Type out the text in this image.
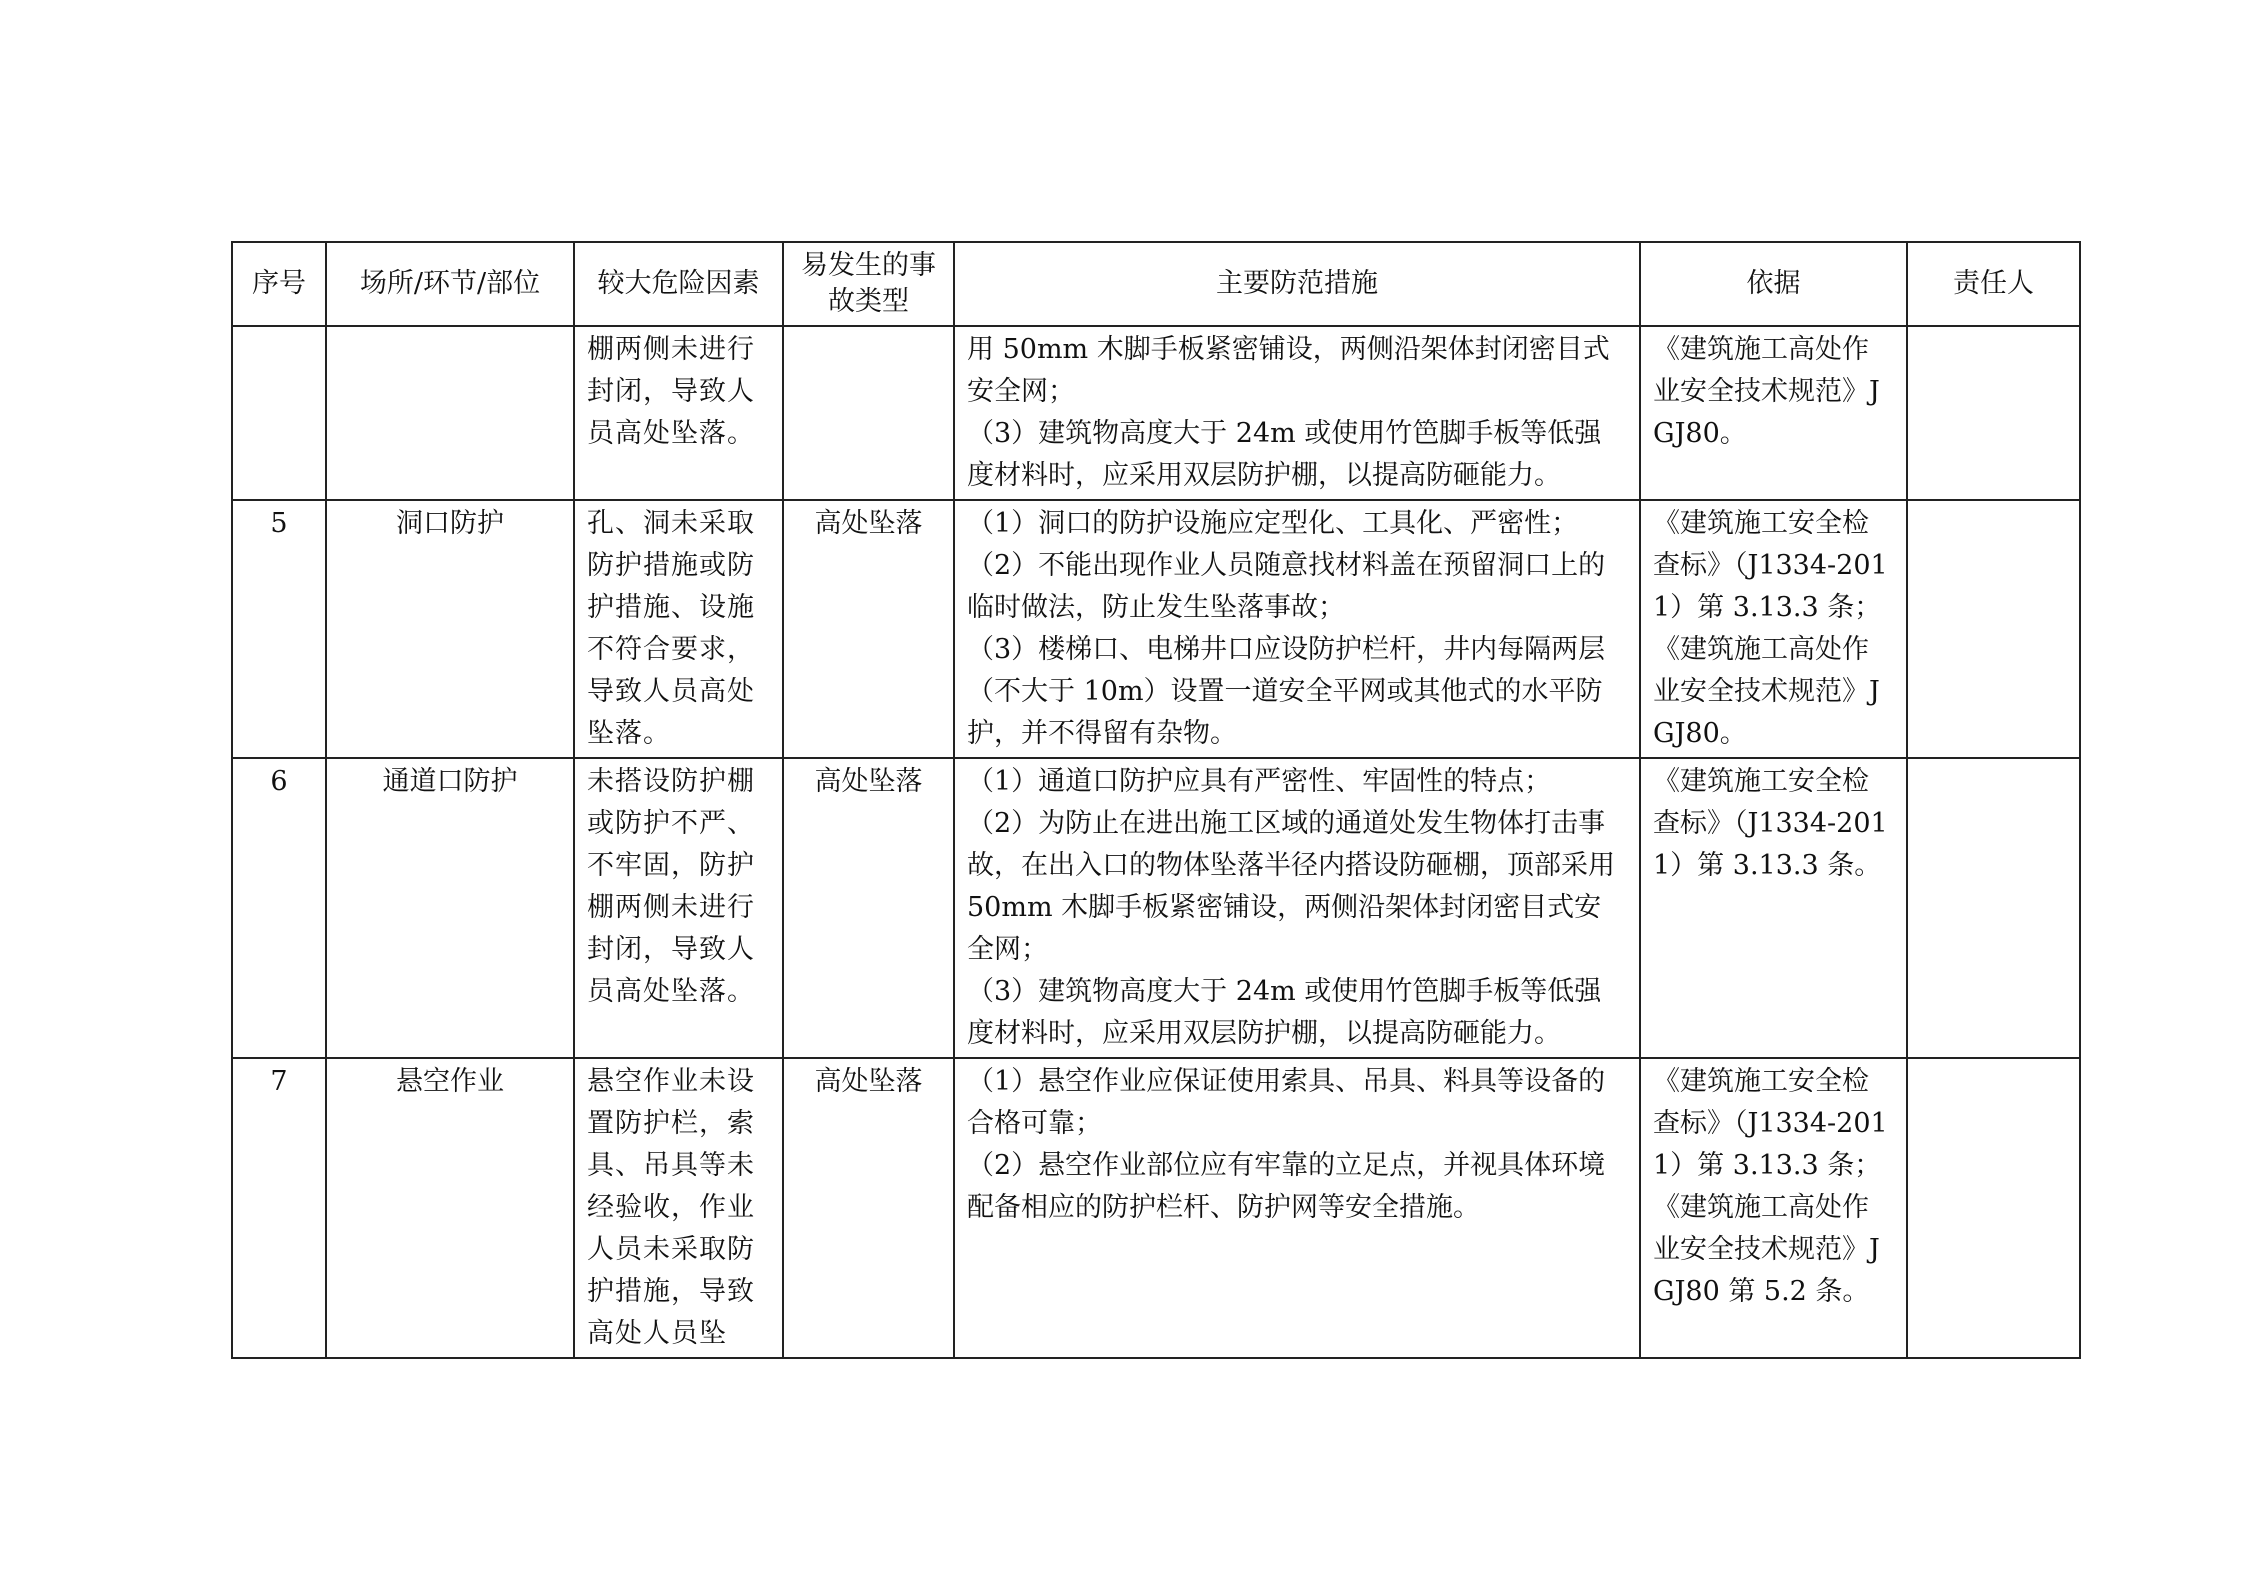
序号	场所/环节/部位	较大危险因素	易发生的事故类型	主要防范措施	依据	责任人
		棚两侧未进行封闭，导致人员高处坠落。		用 50mm 木脚手板紧密铺设，两侧沿架体封闭密目式安全网；
（3）建筑物高度大于 24m 或使用竹笆脚手板等低强度材料时，应采用双层防护棚，以提高防砸能力。	《建筑施工高处作业安全技术规范》JGJ80。	

5	洞口防护	孔、洞未采取防护措施或防护措施、设施不符合要求，导致人员高处坠落。	高处坠落	（1）洞口的防护设施应定型化、工具化、严密性；
（2）不能出现作业人员随意找材料盖在预留洞口上的临时做法，防止发生坠落事故；
（3）楼梯口、电梯井口应设防护栏杆，井内每隔两层（不大于 10m）设置一道安全平网或其他式的水平防护，并不得留有杂物。	《建筑施工安全检查标》（J1334-2011）第 3.13.3 条；
《建筑施工高处作业安全技术规范》JGJ80。	

6	通道口防护	未搭设防护棚或防护不严、不牢固，防护棚两侧未进行封闭，导致人员高处坠落。	高处坠落	（1）通道口防护应具有严密性、牢固性的特点；
（2）为防止在进出施工区域的通道处发生物体打击事故，在出入口的物体坠落半径内搭设防砸棚，顶部采用 50mm 木脚手板紧密铺设，两侧沿架体封闭密目式安全网；
（3）建筑物高度大于 24m 或使用竹笆脚手板等低强度材料时，应采用双层防护棚，以提高防砸能力。	《建筑施工安全检查标》（J1334-2011）第 3.13.3 条。	

7	悬空作业	悬空作业未设置防护栏，索具、吊具等未经验收，作业人员未采取防护措施，导致高处人员坠	高处坠落	（1）悬空作业应保证使用索具、吊具、料具等设备的合格可靠；
（2）悬空作业部位应有牢靠的立足点，并视具体环境配备相应的防护栏杆、防护网等安全措施。	《建筑施工安全检查标》（J1334-2011）第 3.13.3 条；
《建筑施工高处作业安全技术规范》JGJ80 第 5.2 条。	
